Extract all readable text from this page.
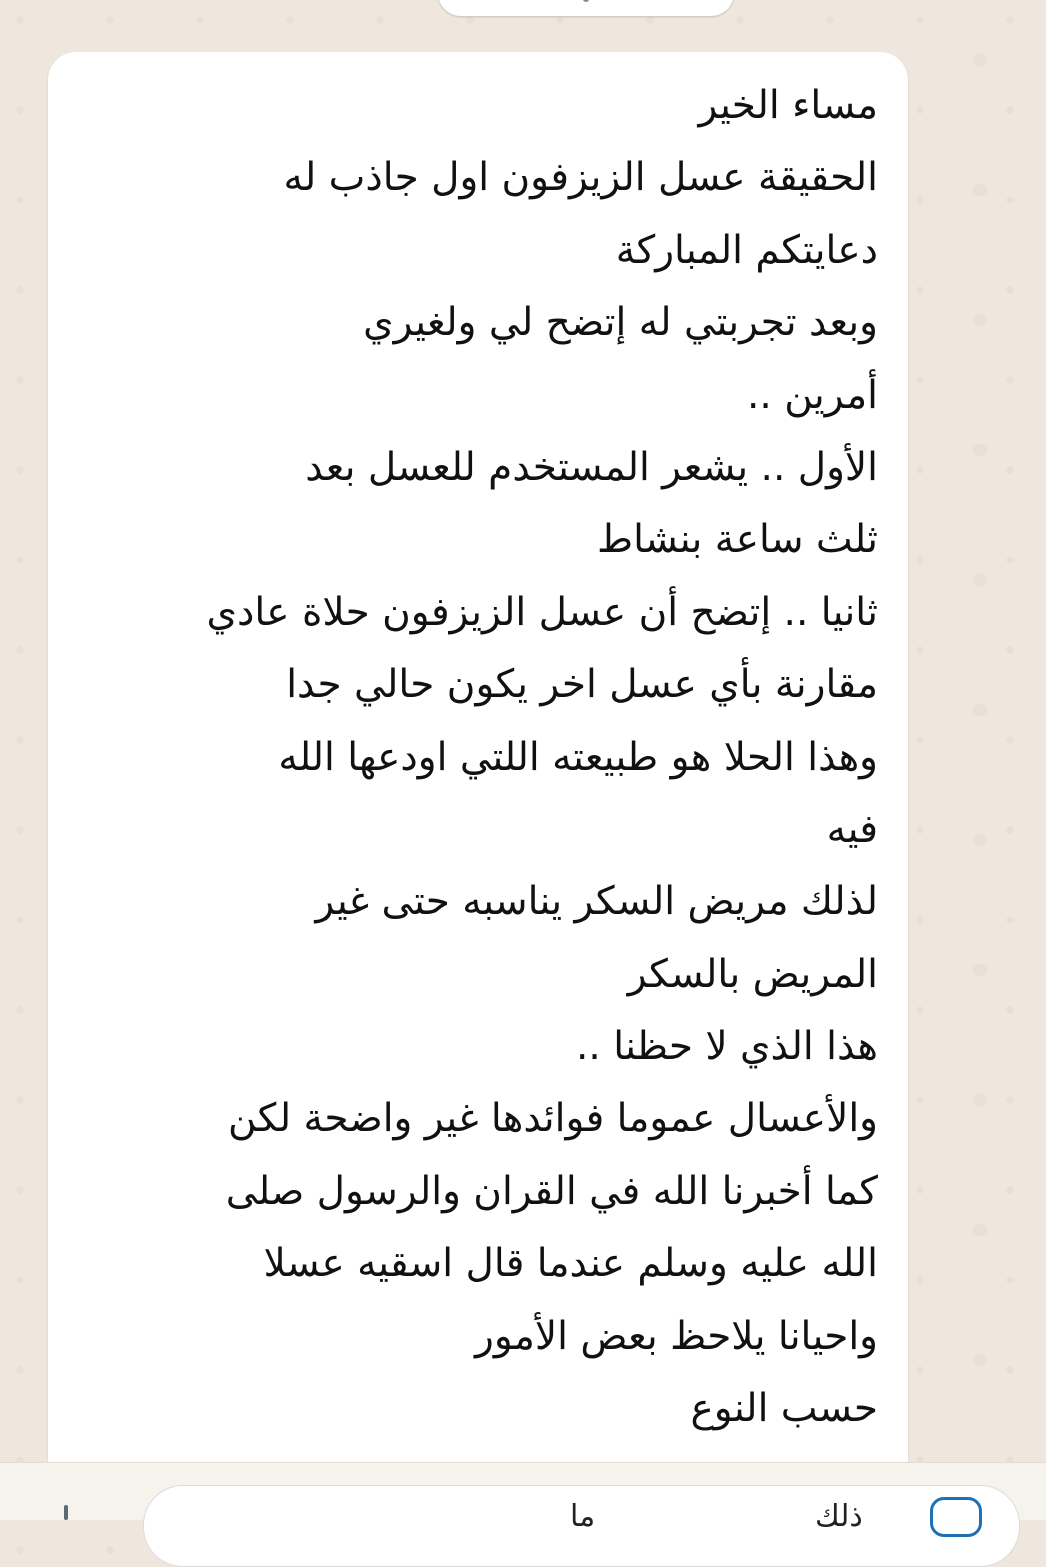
مساء الخير
الحقيقة عسل الزيزفون اول جاذب له
دعايتكم المباركة
وبعد تجربتي له إتضح لي ولغيري
أمرين ..
الأول .. يشعر المستخدم للعسل بعد
ثلث ساعة بنشاط
ثانيا .. إتضح أن عسل الزيزفون حلاة عادي
مقارنة بأي عسل اخر يكون حالي جدا
وهذا الحلا هو طبيعته اللتي اودعها الله
فيه
لذلك مريض السكر يناسبه حتى غير
المريض بالسكر
هذا الذي لا حظنا ..
والأعسال عموما فوائدها غير واضحة لكن
كما أخبرنا الله في القران والرسول صلى
الله عليه وسلم عندما قال اسقيه عسلا
واحيانا يلاحظ بعض الأمور
حسب النوع
ما	ذلك
